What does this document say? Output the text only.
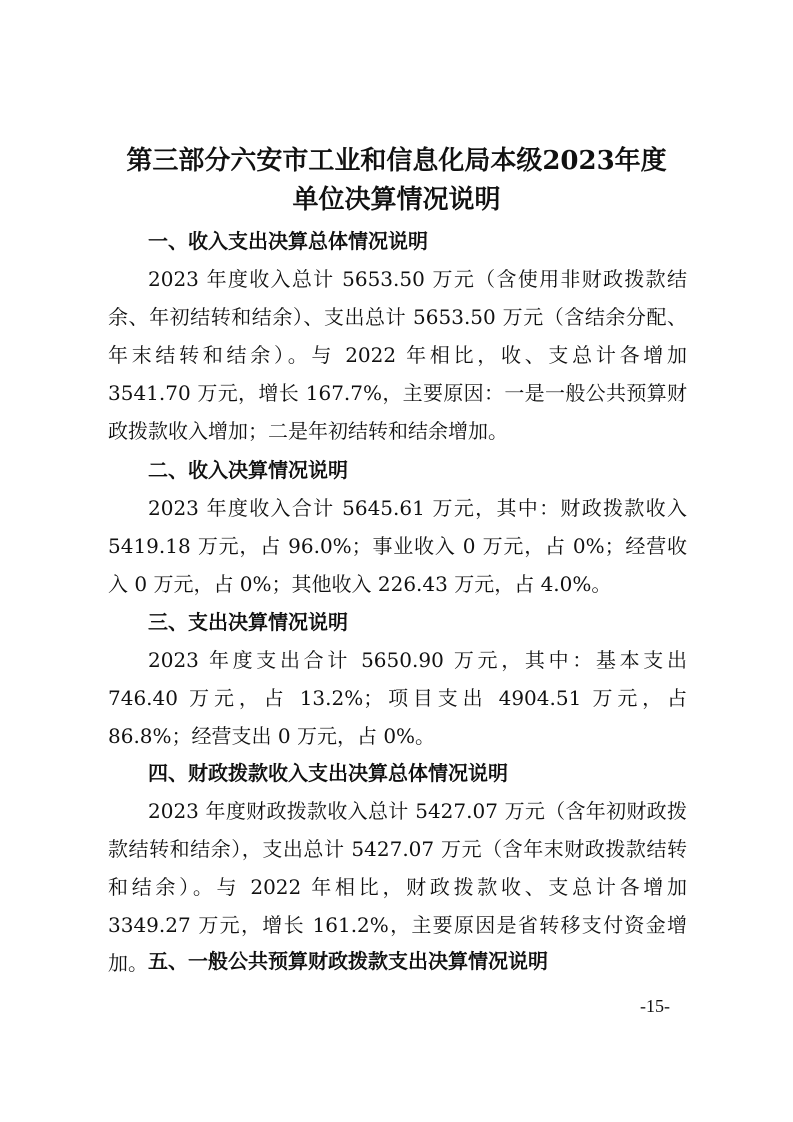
第三部分六安市工业和信息化局本级2023年度
单位决算情况说明
一、收入支出决算总体情况说明

2023 年度收入总计 5653.50 万元（含使用非财政拨款结余、年初结转和结余）、支出总计 5653.50 万元（含结余分配、年末结转和结余）。与 2022 年相比，收、支总计各增加 3541.70 万元，增长 167.7%，主要原因：一是一般公共预算财政拨款收入增加；二是年初结转和结余增加。

二、收入决算情况说明

2023 年度收入合计 5645.61 万元，其中：财政拨款收入 5419.18 万元，占 96.0%；事业收入 0 万元，占 0%；经营收入 0 万元，占 0%；其他收入 226.43 万元，占 4.0%。

三、支出决算情况说明

2023 年度支出合计 5650.90 万元，其中：基本支出 746.40 万元，占 13.2%；项目支出 4904.51 万元，占 86.8%；经营支出 0 万元，占 0%。

四、财政拨款收入支出决算总体情况说明

2023 年度财政拨款收入总计 5427.07 万元（含年初财政拨款结转和结余），支出总计 5427.07 万元（含年末财政拨款结转和结余）。与 2022 年相比，财政拨款收、支总计各增加 3349.27 万元，增长 161.2%，主要原因是省转移支付资金增加。 五、一般公共预算财政拨款支出决算情况说明
-15-
